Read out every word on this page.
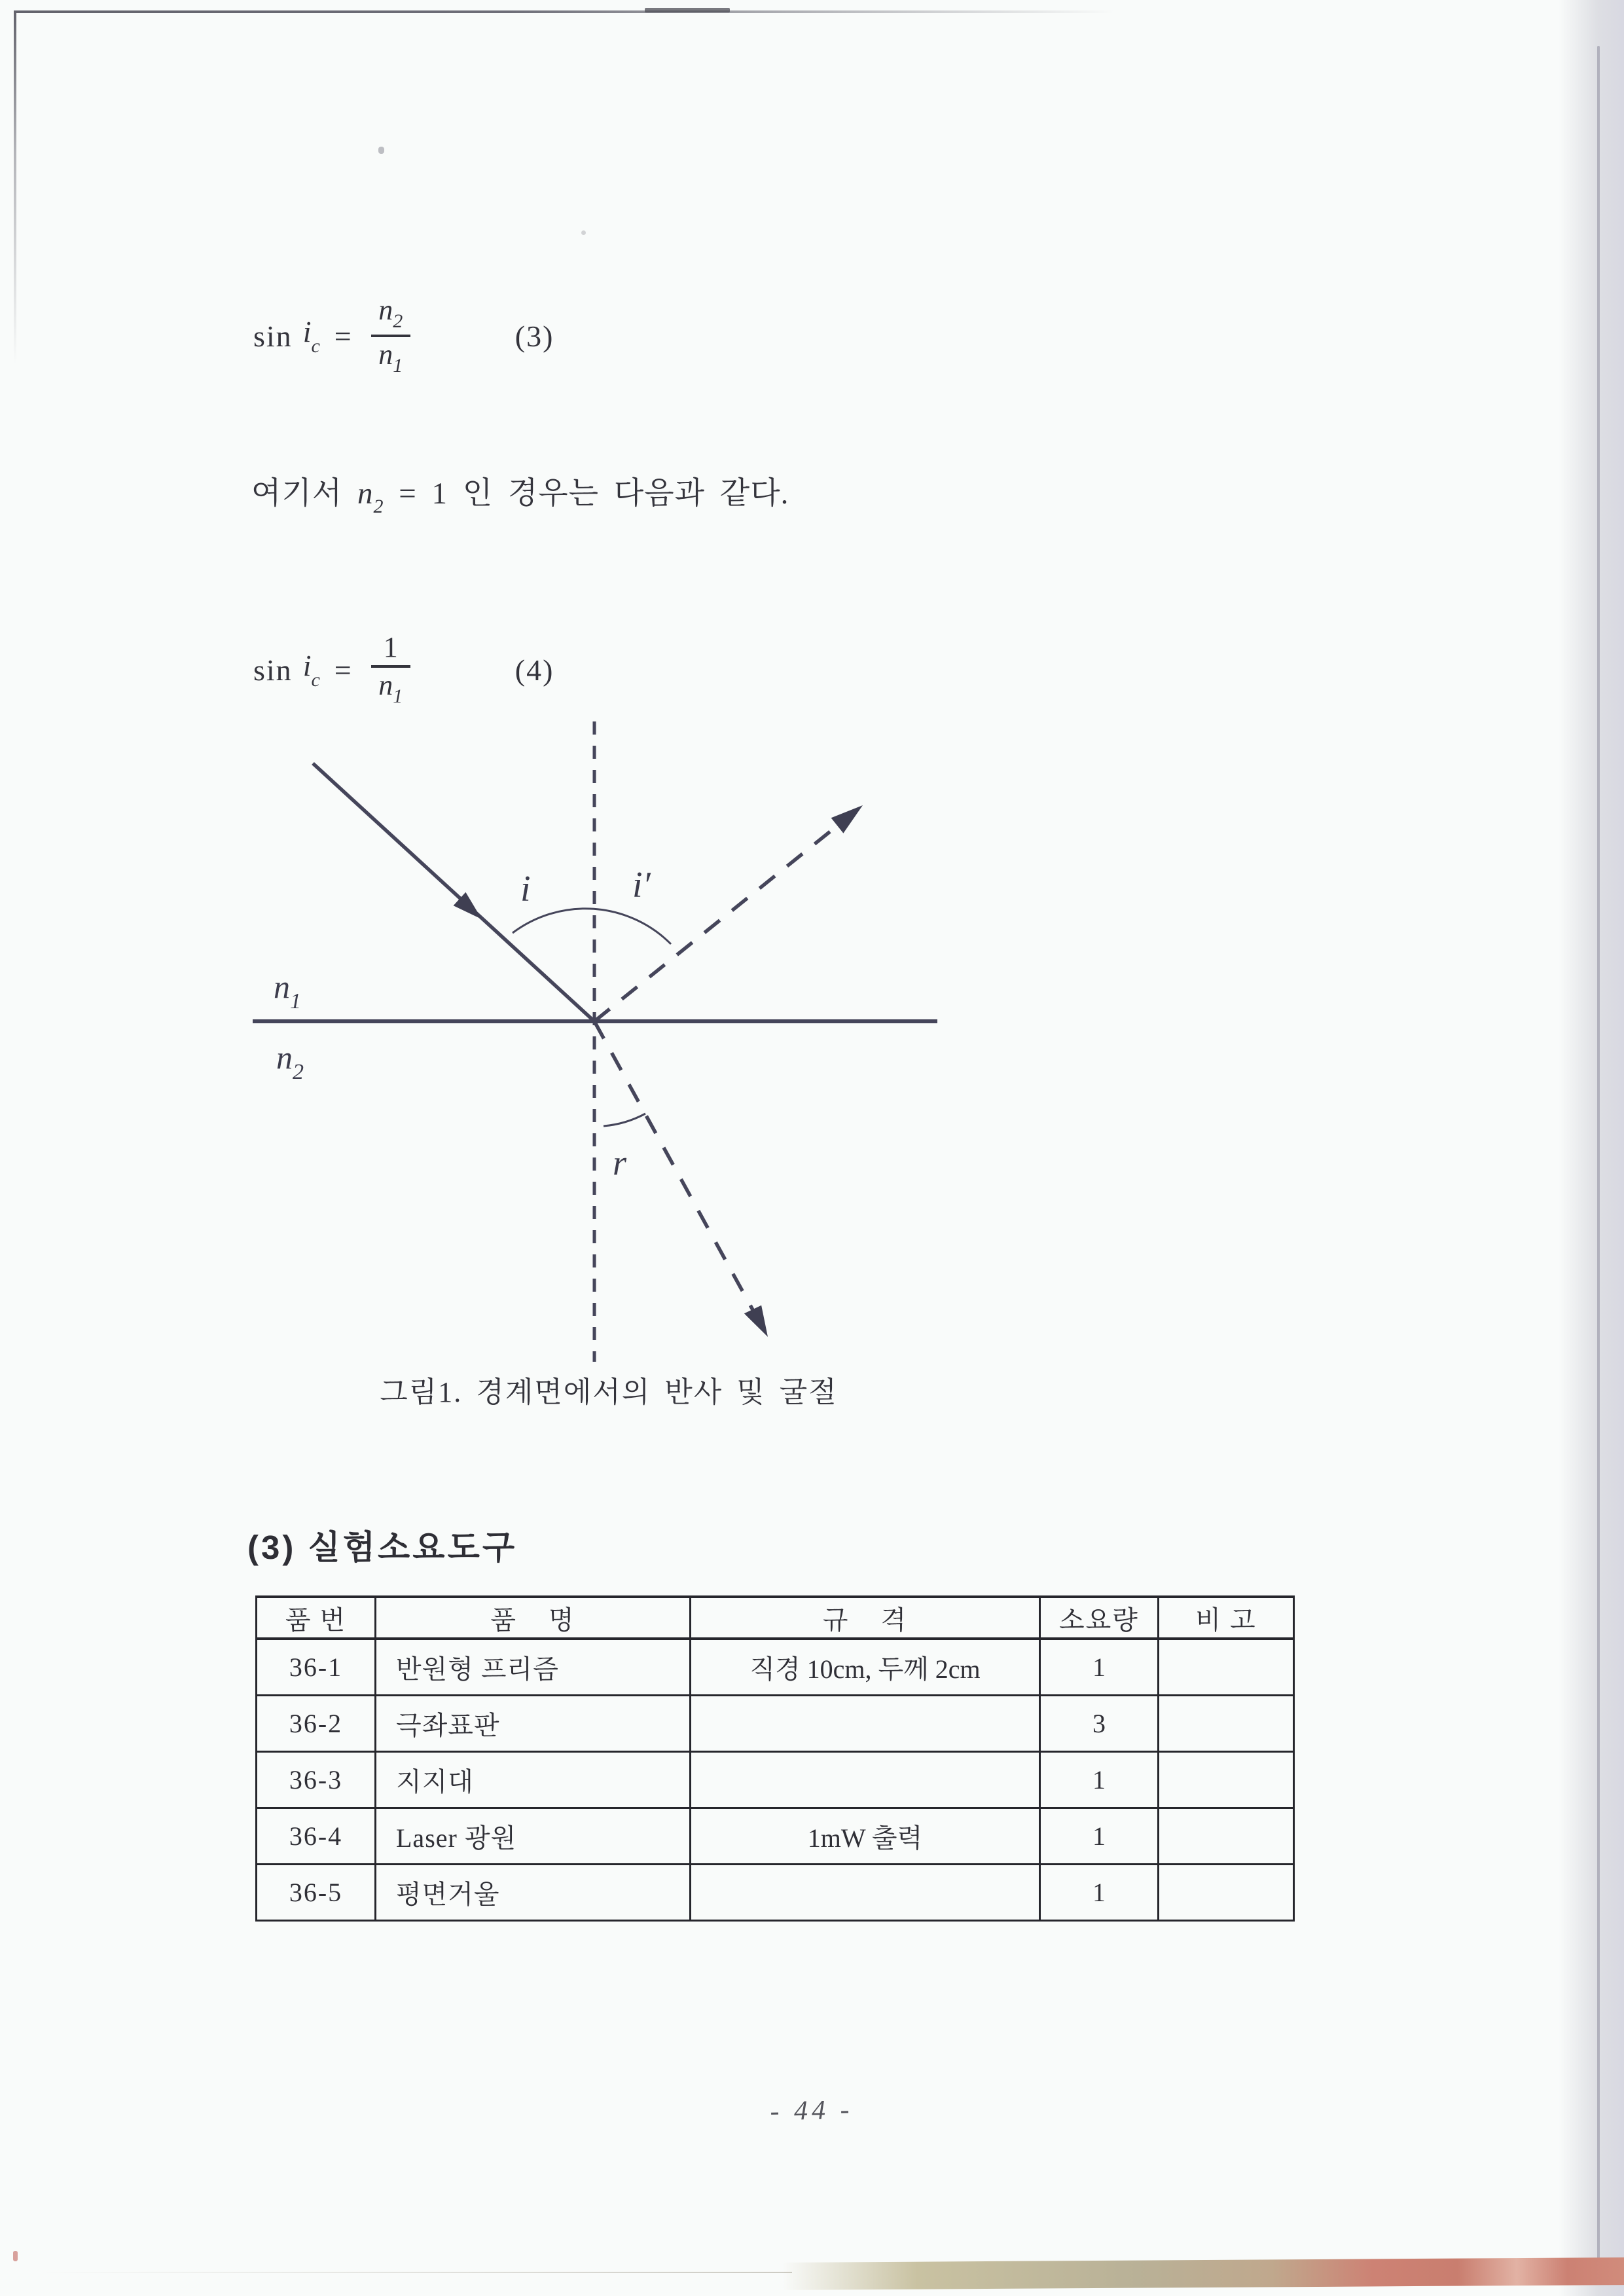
$\sin i_c = \frac{n_2}{n_1}$	(3)
여기서 $n_2 = 1$ 인 경우는 다음과 같다.
$\sin i_c = \frac{1}{n_1}$	(4)
i	i′
r
$n_1$
$n_2$
그림1. 경계면에서의 반사 및 굴절
(3) 실험소요도구
품 번	품    명	규    격	소요량	비 고
36-1	반원형 프리즘	직경 10cm, 두께 2cm	1	
36-2	극좌표판		3	
36-3	지지대		1	
36-4	Laser 광원	1mW 출력	1	
36-5	평면거울		1	
- 44 -
